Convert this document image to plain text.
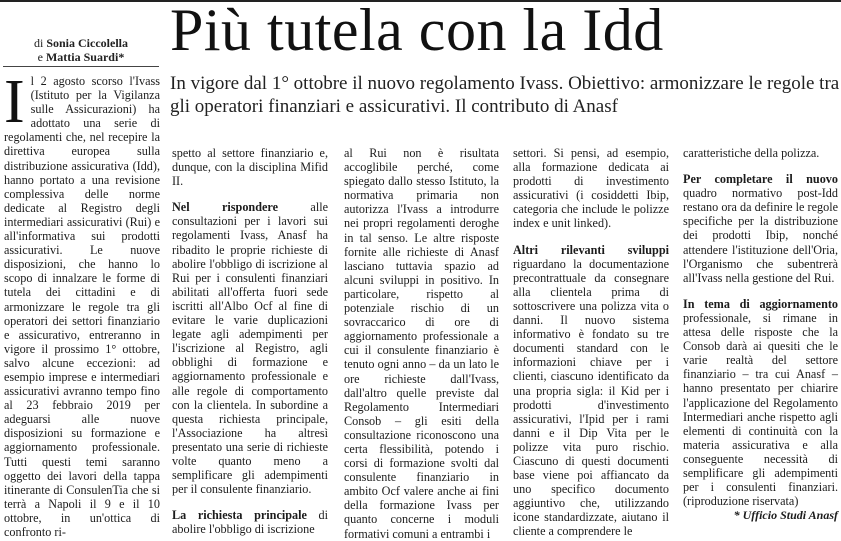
di Sonia Ciccolella
e Mattia Suardi* Più tutela con la Idd
In vigore dal 1° ottobre il nuovo regolamento Ivass. Obiettivo: armonizzare le regole tra gli operatori finanziari e assicurativi. Il contributo di Anasf

Il 2 agosto scorso l'Ivass (Istituto per la Vigilanza sulle Assicurazioni) ha adottato una serie di regolamenti che, nel recepire la direttiva europea sulla distribuzione assicurativa (Idd), hanno portato a una revisione complessiva delle norme dedicate al Registro degli intermediari assicurativi (Rui) e all'informativa sui prodotti assicurativi. Le nuove disposizioni, che hanno lo scopo di innalzare le forme di tutela dei cittadini e di armonizzare le regole tra gli operatori dei settori finanziario e assicurativo, entreranno in vigore il prossimo 1° ottobre, salvo alcune eccezioni: ad esempio imprese e intermediari assicurativi avranno tempo fino al 23 febbraio 2019 per adeguarsi alle nuove disposizioni su formazione e aggiornamento professionale. Tutti questi temi saranno oggetto dei lavori della tappa itinerante di ConsulenTia che si terrà a Napoli il 9 e il 10 ottobre, in un'ottica di confronto ri-

spetto al settore finanziario e, dunque, con la disciplina Mifid II.

Nel rispondere alle consultazioni per i lavori sui regolamenti Ivass, Anasf ha ribadito le proprie richieste di abolire l'obbligo di iscrizione al Rui per i consulenti finanziari abilitati all'offerta fuori sede iscritti all'Albo Ocf al fine di evitare le varie duplicazioni legate agli adempimenti per l'iscrizione al Registro, agli obblighi di formazione e aggiornamento professionale e alle regole di comportamento con la clientela. In subordine a questa richiesta principale, l'Associazione ha altresì presentato una serie di richieste volte quanto meno a semplificare gli adempimenti per il consulente finanziario.

La richiesta principale di abolire l'obbligo di iscrizione

al Rui non è risultata accoglibile perché, come spiegato dallo stesso Istituto, la normativa primaria non autorizza l'Ivass a introdurre nei propri regolamenti deroghe in tal senso. Le altre risposte fornite alle richieste di Anasf lasciano tuttavia spazio ad alcuni sviluppi in positivo. In particolare, rispetto al potenziale rischio di un sovraccarico di ore di aggiornamento professionale a cui il consulente finanziario è tenuto ogni anno – da un lato le ore richieste dall'Ivass, dall'altro quelle previste dal Regolamento Intermediari Consob – gli esiti della consultazione riconoscono una certa flessibilità, potendo i corsi di formazione svolti dal consulente finanziario in ambito Ocf valere anche ai fini della formazione Ivass per quanto concerne i moduli formativi comuni a entrambi i

settori. Si pensi, ad esempio, alla formazione dedicata ai prodotti di investimento assicurativi (i cosiddetti Ibip, categoria che include le polizze index e unit linked).

Altri rilevanti sviluppi riguardano la documentazione precontrattuale da consegnare alla clientela prima di sottoscrivere una polizza vita o danni. Il nuovo sistema informativo è fondato su tre documenti standard con le informazioni chiave per i clienti, ciascuno identificato da una propria sigla: il Kid per i prodotti d'investimento assicurativi, l'Ipid per i rami danni e il Dip Vita per le polizze vita puro rischio. Ciascuno di questi documenti base viene poi affiancato da uno specifico documento aggiuntivo che, utilizzando icone standardizzate, aiutano il cliente a comprendere le

caratteristiche della polizza.

Per completare il nuovo quadro normativo post-Idd restano ora da definire le regole specifiche per la distribuzione dei prodotti Ibip, nonché attendere l'istituzione dell'Oria, l'Organismo che subentrerà all'Ivass nella gestione del Rui.

In tema di aggiornamento professionale, si rimane in attesa delle risposte che la Consob darà ai quesiti che le varie realtà del settore finanziario – tra cui Anasf – hanno presentato per chiarire l'applicazione del Regolamento Intermediari anche rispetto agli elementi di continuità con la materia assicurativa e alla conseguente necessità di semplificare gli adempimenti per i consulenti finanziari. (riproduzione riservata)

* Ufficio Studi Anasf
